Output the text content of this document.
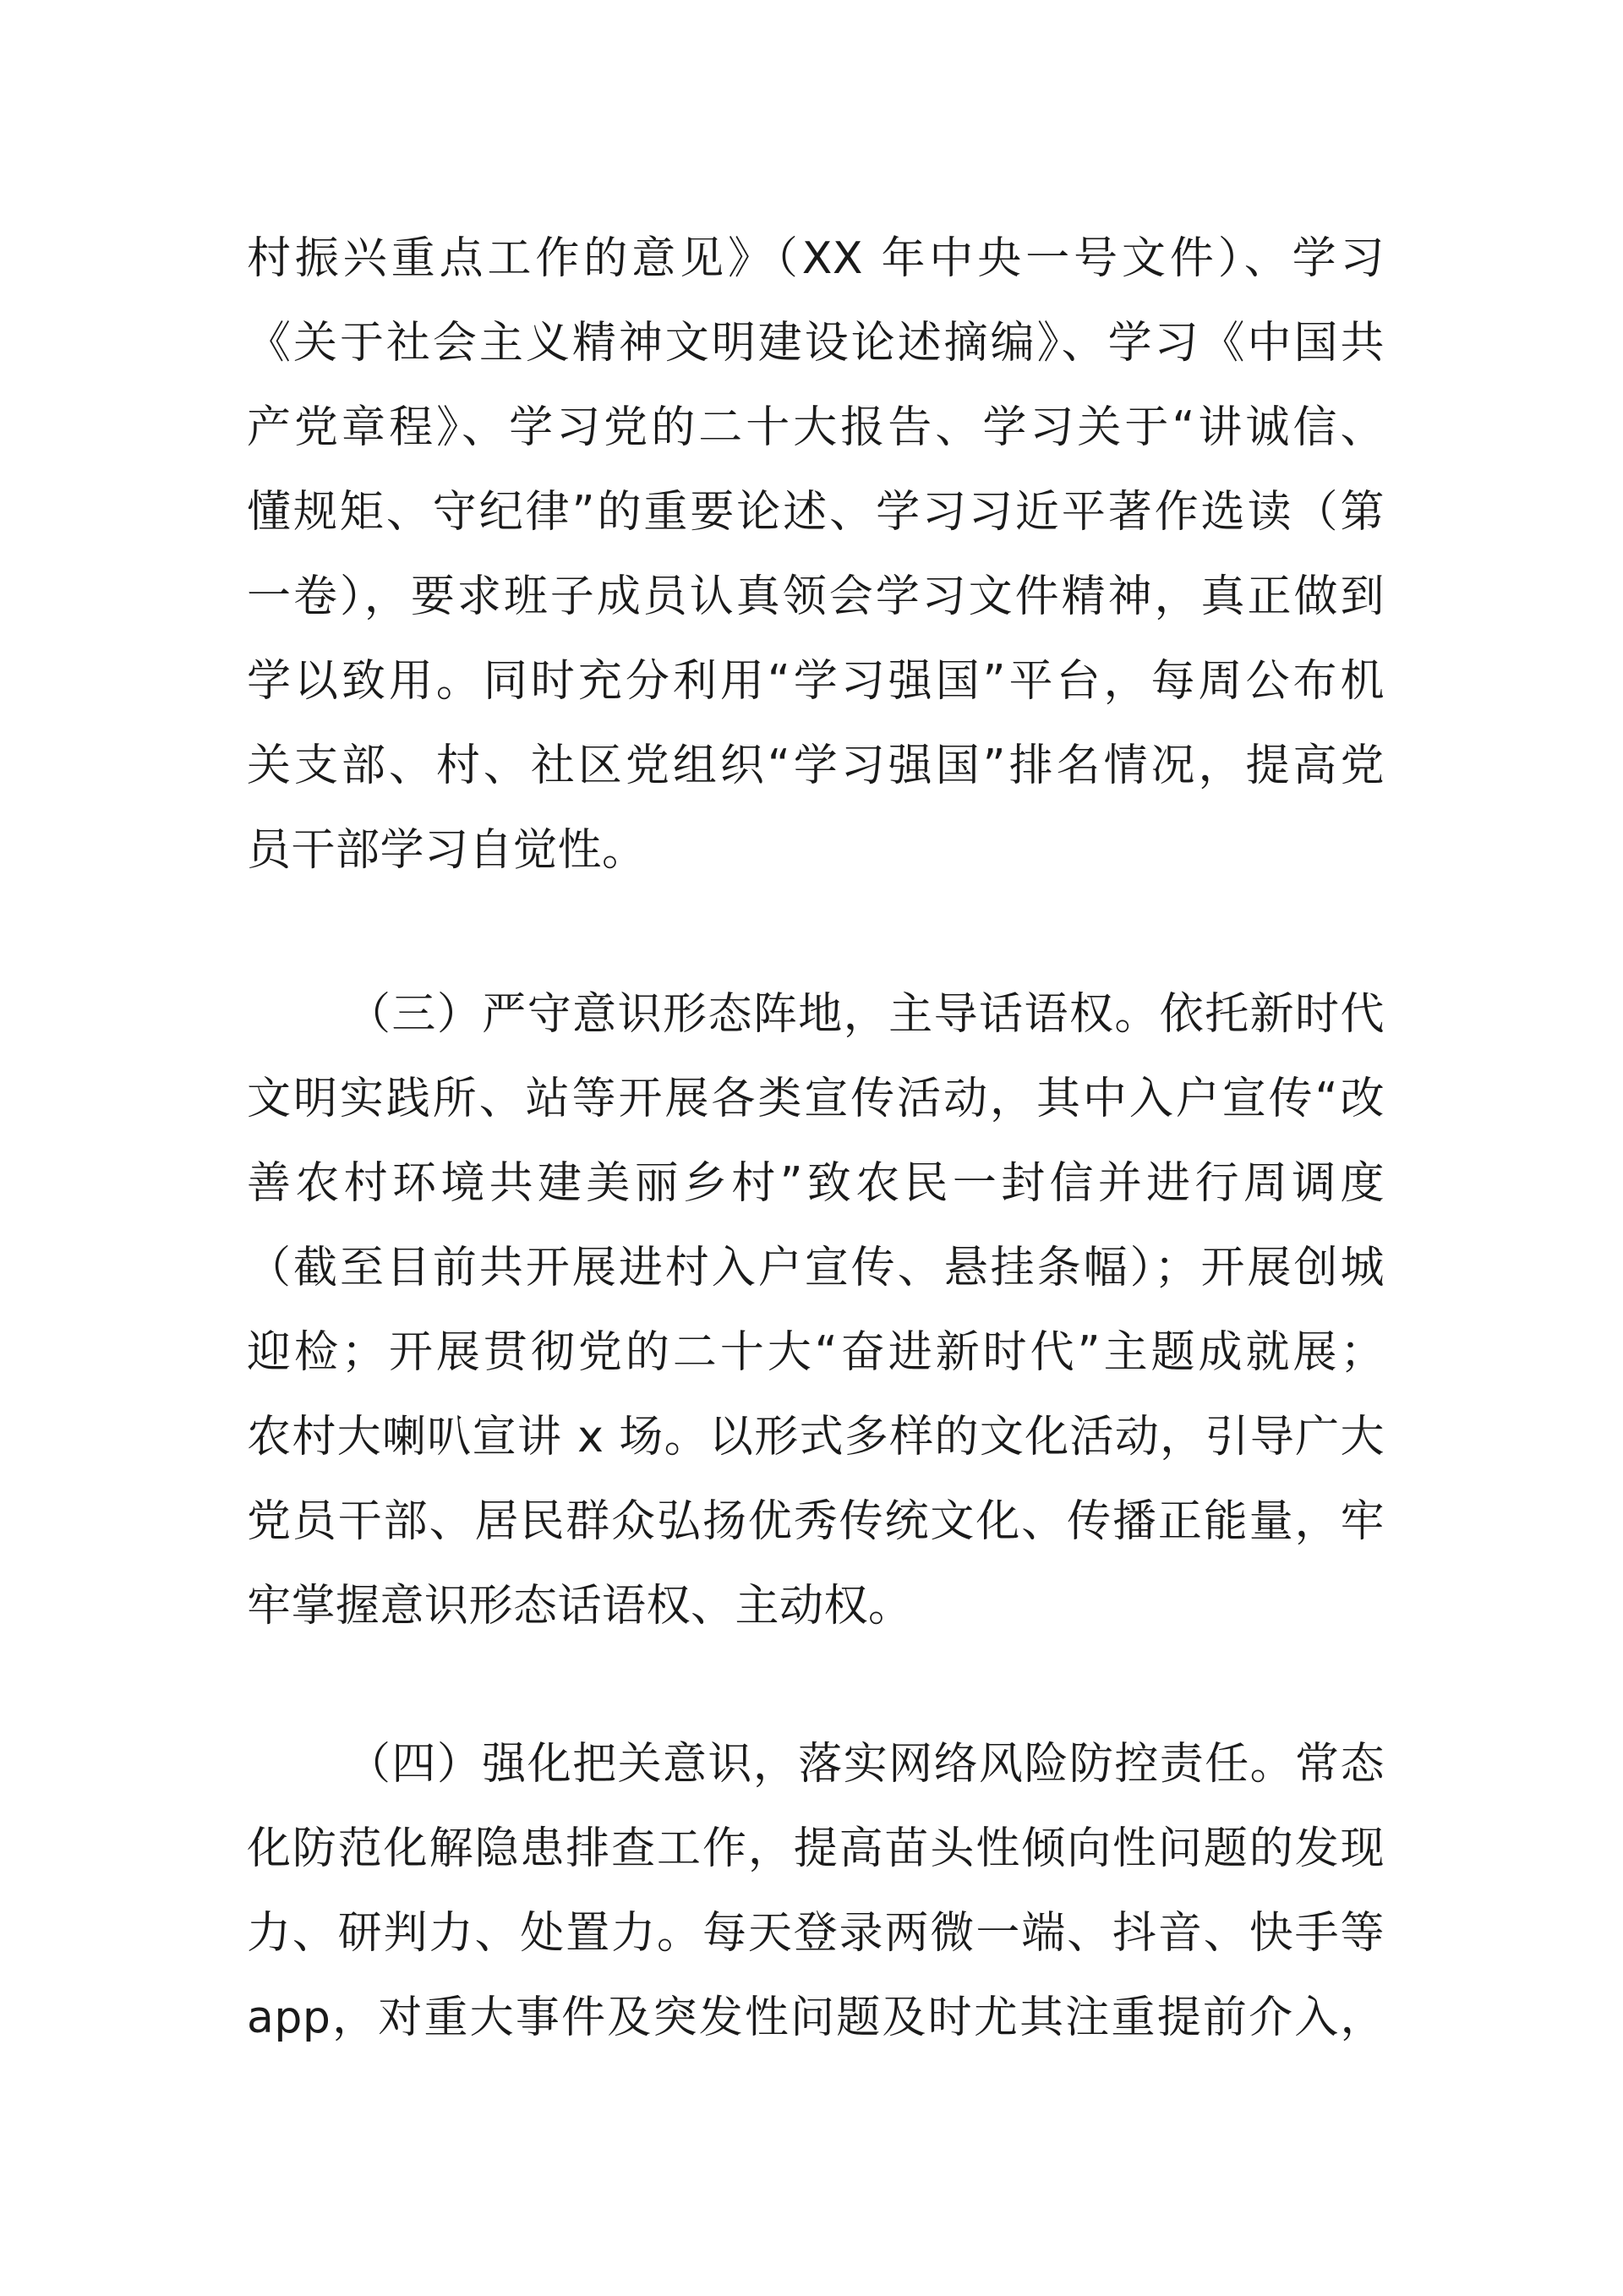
村振兴重点工作的意见》（XX 年中央一号文件）、学习
《关于社会主义精神文明建设论述摘编》、学习《中国共
产党章程》、学习党的二十大报告、学习关于“讲诚信、
懂规矩、守纪律”的重要论述、学习习近平著作选读（第
一卷），要求班子成员认真领会学习文件精神，真正做到
学以致用。同时充分利用“学习强国”平台，每周公布机
关支部、村、社区党组织“学习强国”排名情况，提高党
员干部学习自觉性。
（三）严守意识形态阵地，主导话语权。依托新时代
文明实践所、站等开展各类宣传活动，其中入户宣传“改
善农村环境共建美丽乡村”致农民一封信并进行周调度
（截至目前共开展进村入户宣传、悬挂条幅）；开展创城
迎检；开展贯彻党的二十大“奋进新时代”主题成就展；
农村大喇叭宣讲 x 场。以形式多样的文化活动，引导广大
党员干部、居民群众弘扬优秀传统文化、传播正能量，牢
牢掌握意识形态话语权、主动权。
（四）强化把关意识，落实网络风险防控责任。常态
化防范化解隐患排查工作，提高苗头性倾向性问题的发现
力、研判力、处置力。每天登录两微一端、抖音、快手等
app，对重大事件及突发性问题及时尤其注重提前介入，
